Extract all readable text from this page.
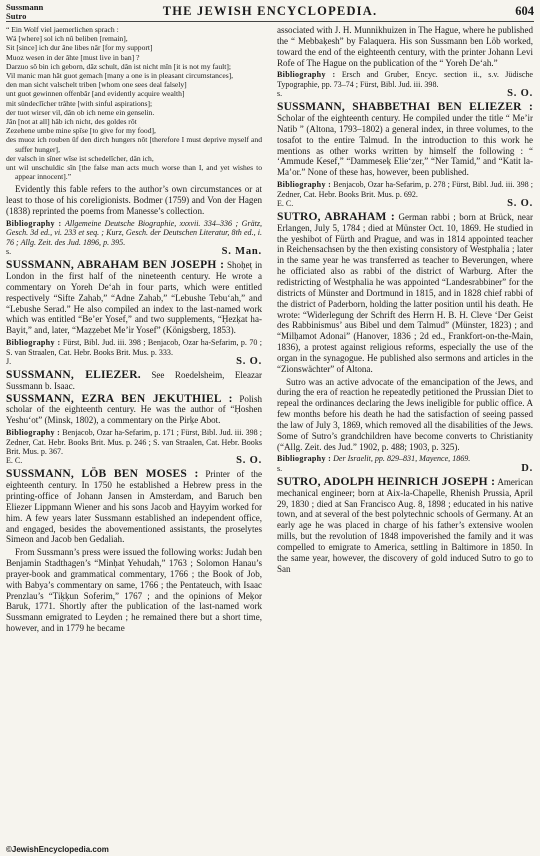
Sussmann
Sutro	THE JEWISH ENCYCLOPEDIA.	604
“ Ein Wolf viel jaemerlichen sprach :
Wä [where] sol ich nû beliben [remain],
Sit [since] ich dur âne libes nâr [for my support]
Muoz wesen in der âhte [must live in ban] ?
Darzuo sô bin ich geborn, dâz schult, dân ist nicht mîn [it is not my fault];
Vil manic man hât guot gemach [many a one is in pleasant circumstances],
den man sicht valschelt triben [whom one sees deal falsely]
unt guot gewinnen offenbâr [and evidently acquire wealth]
mit sündeclîcher trâhte [with sinful aspirations];
der tuot wirser vil, dân ob ich neme ein genselin.
Jân [not at all] hâb ich nicht, des goldes rôt
Zezehene umbe mine spîse [to give for my food],
des muoz ich rouben ûf den dirch hungers nôt [therefore I must deprive myself and suffer hunger],
der valsch in sîner wîse ist schedelîcher, dân ich,
unt wil unschuldic sîn [the false man acts much worse than I, and yet wishes to appear innocent].”

Evidently this fable refers to the author’s own circumstances or at least to those of his coreligionists. Bodmer (1759) and Von der Hagen (1838) reprinted the poems from Manesse’s collection.

Bibliography : Allgemeine Deutsche Biographie, xxxvii. 334–336 ; Grätz, Gesch. 3d ed., vi. 233 et seq. ; Kurz, Gesch. der Deutschen Literatur, 8th ed., i. 76 ; Allg. Zeit. des Jud. 1896, p. 395.

s.	S. Man.

SUSSMANN, ABRAHAM BEN JOSEPH : Shoḥeṭ in London in the first half of the nineteenth century. He wrote a commentary on Yoreh De‘ah in four parts, which were entitled respectively “Sifte Zahab,” “Adne Zahab,” “Lebushe Tebu‘ah,” and “Lebushe Serad.” He also compiled an index to the last-named work which was entitled “Be’er Yosef,” and two supplements, “Ḥezḳat ha-Bayit,” and, later, “Maẓẓebet Me’ir Yosef” (Königsberg, 1853).

Bibliography : Fürst, Bibl. Jud. iii. 398 ; Benjacob, Ozar ha-Sefarim, p. 70 ; S. van Straalen, Cat. Hebr. Books Brit. Mus. p. 333.

J.	S. O.

SUSSMANN, ELIEZER. See Roedelsheim, Eleazar Sussmann b. Isaac.

SUSSMANN, EZRA BEN JEKUTHIEL : Polish scholar of the eighteenth century. He was the author of “Ḥoshen Yeshu‘ot” (Minsk, 1802), a commentary on the Pirḳe Abot.

Bibliography : Benjacob, Ozar ha-Sefarim, p. 171 ; Fürst, Bibl. Jud. iii. 398 ; Zedner, Cat. Hebr. Books Brit. Mus. p. 246 ; S. van Straalen, Cat. Hebr. Books Brit. Mus. p. 367.

E. C.	S. O.

SUSSMANN, LÖB BEN MOSES : Printer of the eighteenth century. In 1750 he established a Hebrew press in the printing-office of Johann Jansen in Amsterdam, and Baruch ben Eliezer Lippmann Wiener and his sons Jacob and Ḥayyim worked for him. A few years later Sussmann established an independent office, and engaged, besides the abovementioned assistants, the proselytes Simeon and Jacob ben Gedaliah.

From Sussmann’s press were issued the following works: Judah ben Benjamin Stadthagen’s “Minḥat Yehudah,” 1763 ; Solomon Hanau’s prayer-book and grammatical commentary, 1766 ; the Book of Job, with Babya’s commentary on same, 1766 ; the Pentateuch, with Isaac Prenzlau’s “Tiḳḳun Soferim,” 1767 ; and the opinions of Meḳor Baruk, 1771. Shortly after the publication of the last-named work Sussmann emigrated to Leyden ; he remained there but a short time, however, and in 1779 he became

associated with J. H. Munnikhuizen in The Hague, where he published the “ Mebbaḳesh” by Falaquera. His son Sussmann ben Löb worked, toward the end of the eighteenth century, with the printer Johann Levi Rofe of The Hague on the publication of the “ Yoreh De‘ah.”

Bibliography : Ersch and Gruber, Encyc. section ii., s.v. Jüdische Typographie, pp. 73–74 ; Fürst, Bibl. Jud. iii. 398.

s.	S. O.

SUSSMANN, SHABBETHAI BEN ELIEZER : Scholar of the eighteenth century. He compiled under the title “ Me’ir Natib ” (Altona, 1793–1802) a general index, in three volumes, to the tosafot to the entire Talmud. In the introduction to this work he mentions as other works written by himself the following : “ ‘Ammude Kesef,” “Dammeseḳ Elie‘zer,” “Ner Tamid,” and “Katit la-Ma’or.” None of these has, however, been published.

Bibliography : Benjacob, Ozar ha-Sefarim, p. 278 ; Fürst, Bibl. Jud. iii. 398 ; Zedner, Cat. Hebr. Books Brit. Mus. p. 692.

E. C.	S. O.

SUTRO, ABRAHAM : German rabbi ; born at Brück, near Erlangen, July 5, 1784 ; died at Münster Oct. 10, 1869. He studied in the yeshibot of Fürth and Prague, and was in 1814 appointed teacher in Reichensachsen by the then existing consistory of Westphalia ; later in the same year he was transferred as teacher to Beverungen, where he officiated also as rabbi of the district of Warburg. After the redistricting of Westphalia he was appointed “Landesrabbiner” for the districts of Münster and Dortmund in 1815, and in 1828 chief rabbi of the district of Paderborn, holding the latter position until his death. He wrote: “Widerlegung der Schrift des Herrn H. B. H. Cleve ‘Der Geist des Rabbinismus’ aus Bibel und dem Talmud” (Münster, 1823) ; and “Milḥamot Adonai” (Hanover, 1836 ; 2d ed., Frankfort-on-the-Main, 1836), a protest against religious reforms, especially the use of the organ in the synagogue. He published also sermons and articles in the “Zionswächter” of Altona.

Sutro was an active advocate of the emancipation of the Jews, and during the era of reaction he repeatedly petitioned the Prussian Diet to repeal the ordinances declaring the Jews ineligible for public office. A few months before his death he had the satisfaction of seeing passed the law of July 3, 1869, which removed all the disabilities of the Jews. Some of Sutro’s grandchildren have become converts to Christianity (“Allg. Zeit. des Jud.” 1902, p. 488; 1903, p. 325).

Bibliography : Der Israelit, pp. 829–831, Mayence, 1869.

s.	D.

SUTRO, ADOLPH HEINRICH JOSEPH : American mechanical engineer; born at Aix-la-Chapelle, Rhenish Prussia, April 29, 1830 ; died at San Francisco Aug. 8, 1898 ; educated in his native town, and at several of the best polytechnic schools of Germany. At an early age he was placed in charge of his father’s extensive woolen mills, but the revolution of 1848 impoverished the family and it was compelled to emigrate to America, settling in Baltimore in 1850. In the same year, however, the discovery of gold induced Sutro to go to San

©JewishEncyclopedia.com
